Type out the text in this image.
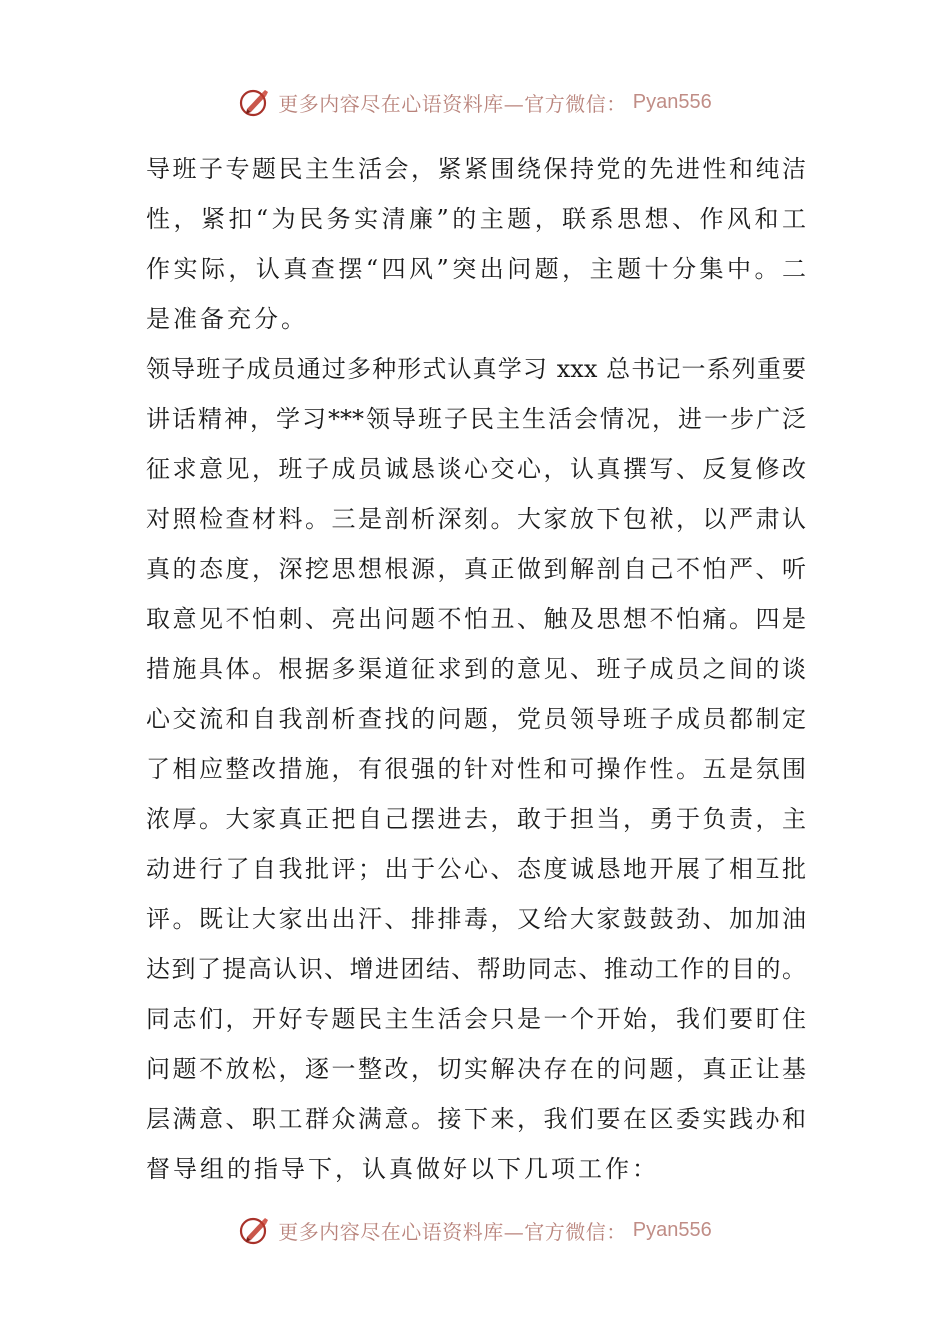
更多内容尽在心语资料库—官方微信： Pyan556
导班子专题民主生活会，紧紧围绕保持党的先进性和纯洁
性，紧扣“为民务实清廉”的主题，联系思想、作风和工
作实际，认真查摆“四风”突出问题，主题十分集中。二
是准备充分。
领导班子成员通过多种形式认真学习 xxx 总书记一系列重要
讲话精神，学习***领导班子民主生活会情况，进一步广泛
征求意见，班子成员诚恳谈心交心，认真撰写、反复修改
对照检查材料。三是剖析深刻。大家放下包袱，以严肃认
真的态度，深挖思想根源，真正做到解剖自己不怕严、听
取意见不怕刺、亮出问题不怕丑、触及思想不怕痛。四是
措施具体。根据多渠道征求到的意见、班子成员之间的谈
心交流和自我剖析查找的问题，党员领导班子成员都制定
了相应整改措施，有很强的针对性和可操作性。五是氛围
浓厚。大家真正把自己摆进去，敢于担当，勇于负责，主
动进行了自我批评；出于公心、态度诚恳地开展了相互批
评。既让大家出出汗、排排毒，又给大家鼓鼓劲、加加油
达到了提高认识、增进团结、帮助同志、推动工作的目的。
同志们，开好专题民主生活会只是一个开始，我们要盯住
问题不放松，逐一整改，切实解决存在的问题，真正让基
层满意、职工群众满意。接下来，我们要在区委实践办和
督导组的指导下，认真做好以下几项工作：
更多内容尽在心语资料库—官方微信： Pyan556
